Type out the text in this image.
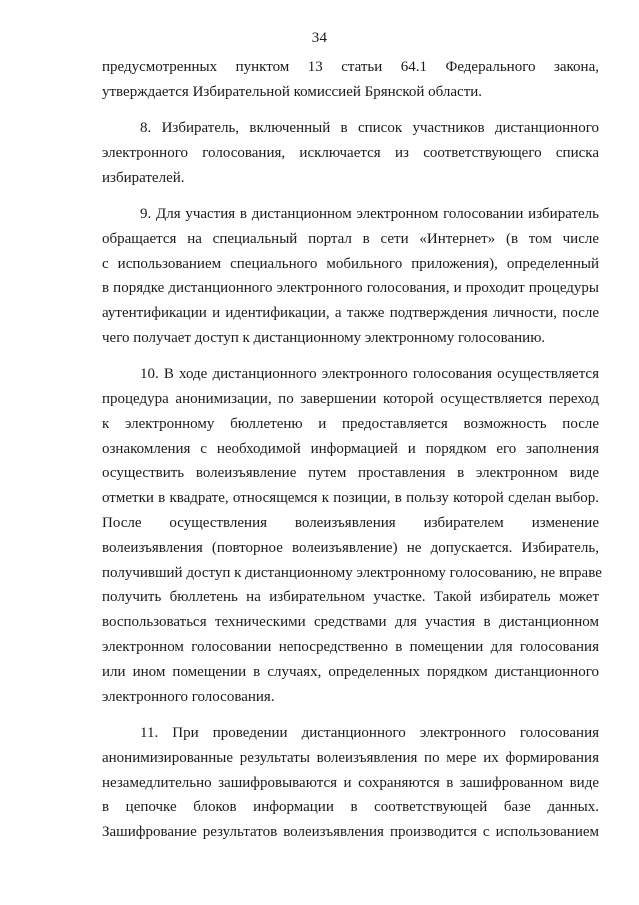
34
предусмотренных пунктом 13 статьи 64.1 Федерального закона,
утверждается Избирательной комиссией Брянской области.
8. Избиратель, включенный в список участников дистанционного
электронного голосования, исключается из соответствующего списка
избирателей.
9. Для участия в дистанционном электронном голосовании избиратель
обращается на специальный портал в сети «Интернет» (в том числе
с использованием специального мобильного приложения), определенный
в порядке дистанционного электронного голосования, и проходит процедуры
аутентификации и идентификации, а также подтверждения личности, после
чего получает доступ к дистанционному электронному голосованию.
10. В ходе дистанционного электронного голосования осуществляется
процедура анонимизации, по завершении которой осуществляется переход
к электронному бюллетеню и предоставляется возможность после
ознакомления с необходимой информацией и порядком его заполнения
осуществить волеизъявление путем проставления в электронном виде
отметки в квадрате, относящемся к позиции, в пользу которой сделан выбор.
После осуществления волеизъявления избирателем изменение
волеизъявления (повторное волеизъявление) не допускается. Избиратель,
получивший доступ к дистанционному электронному голосованию, не вправе
получить бюллетень на избирательном участке. Такой избиратель может
воспользоваться техническими средствами для участия в дистанционном
электронном голосовании непосредственно в помещении для голосования
или ином помещении в случаях, определенных порядком дистанционного
электронного голосования.
11. При проведении дистанционного электронного голосования
анонимизированные результаты волеизъявления по мере их формирования
незамедлительно зашифровываются и сохраняются в зашифрованном виде
в цепочке блоков информации в соответствующей базе данных.
Зашифрование результатов волеизъявления производится с использованием
